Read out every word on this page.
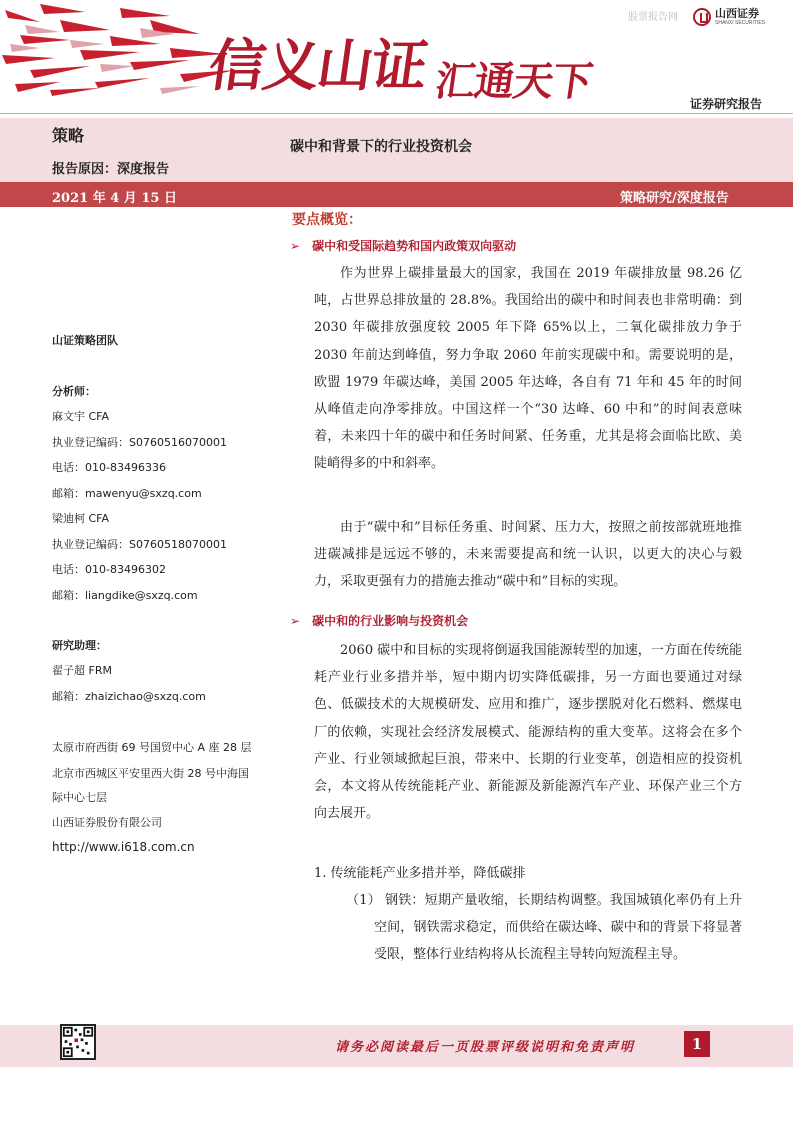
信义山证 汇通天下
股票报告网	山西证券
SHANXI SECURITIES
证券研究报告
策略
碳中和背景下的行业投资机会
报告原因：深度报告
2021 年 4 月 15 日	策略研究/深度报告
山证策略团队
分析师：
麻文宇 CFA
执业登记编码：S0760516070001
电话：010-83496336
邮箱：mawenyu@sxzq.com
梁迪柯 CFA
执业登记编码：S0760518070001
电话：010-83496302
邮箱：liangdike@sxzq.com
研究助理：
翟子超 FRM
邮箱：zhaizichao@sxzq.com
太原市府西街 69 号国贸中心 A 座 28 层
北京市西城区平安里西大街 28 号中海国
际中心七层
山西证券股份有限公司
http://www.i618.com.cn
要点概览：
➢ 碳中和受国际趋势和国内政策双向驱动
作为世界上碳排量最大的国家，我国在 2019 年碳排放量 98.26 亿吨，占世界总排放量的 28.8%。我国给出的碳中和时间表也非常明确：到 2030 年碳排放强度较 2005 年下降 65%以上，二氧化碳排放力争于 2030 年前达到峰值，努力争取 2060 年前实现碳中和。需要说明的是，欧盟 1979 年碳达峰，美国 2005 年达峰，各自有 71 年和 45 年的时间从峰值走向净零排放。中国这样一个“30 达峰、60 中和”的时间表意味着，未来四十年的碳中和任务时间紧、任务重，尤其是将会面临比欧、美陡峭得多的中和斜率。
由于“碳中和”目标任务重、时间紧、压力大，按照之前按部就班地推进碳减排是远远不够的，未来需要提高和统一认识，以更大的决心与毅力，采取更强有力的措施去推动“碳中和”目标的实现。
➢ 碳中和的行业影响与投资机会
2060 碳中和目标的实现将倒逼我国能源转型的加速，一方面在传统能耗产业行业多措并举，短中期内切实降低碳排，另一方面也要通过对绿色、低碳技术的大规模研发、应用和推广，逐步摆脱对化石燃料、燃煤电厂的依赖，实现社会经济发展模式、能源结构的重大变革。这将会在多个产业、行业领域掀起巨浪，带来中、长期的行业变革，创造相应的投资机会，本文将从传统能耗产业、新能源及新能源汽车产业、环保产业三个方向去展开。
1. 传统能耗产业多措并举，降低碳排
（1） 钢铁：短期产量收缩，长期结构调整。我国城镇化率仍有上升空间，钢铁需求稳定，而供给在碳达峰、碳中和的背景下将显著受限，整体行业结构将从长流程主导转向短流程主导。
请务必阅读最后一页股票评级说明和免责声明	1
